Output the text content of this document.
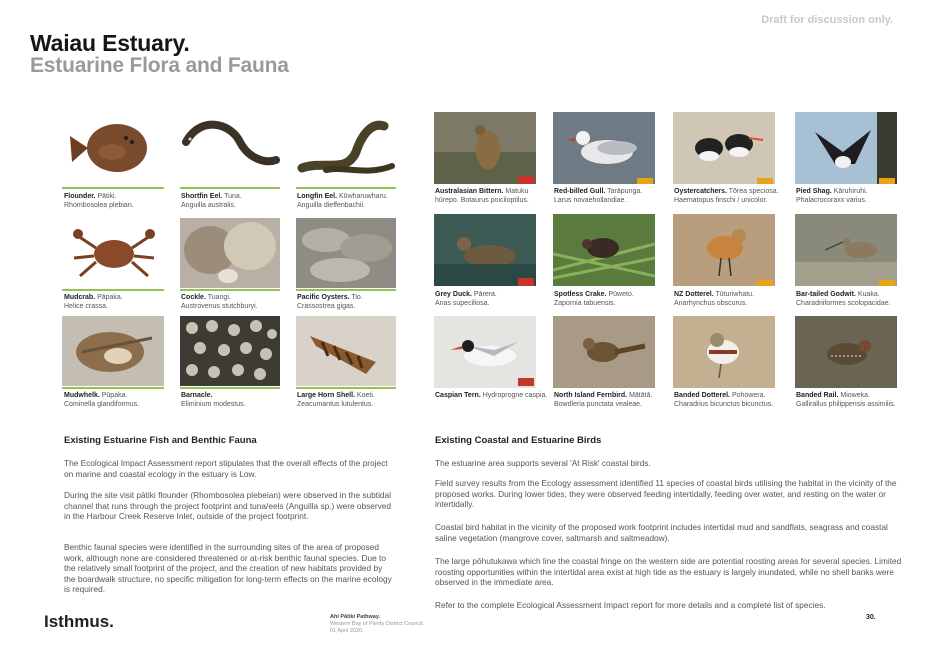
Draft for discussion only.
Waiau Estuary.
Estuarine Flora and Fauna
Flounder. Pātiki.
Rhombosolea plebian.
Shortfin Eel. Tuna.
Anguilla australis.
Longfin Eel. Kūwharuwharu.
Anguilla dieffenbachii.
Mudcrab. Pāpaka.
Helice crassa.
Cockle. Tuangi.
Austrovenus stutchburyi.
Pacific Oysters. Tio.
Crassostrea gigas.
Mudwhelk. Pūpaka.
Cominella glandiformus.
Barnacle.
Eliminium modestus.
Large Horn Shell. Koeti.
Zeacumantus lutulentus.
Australasian Bittern. Matuku hūrepo. Botaurus poiciloptilus.
Red-billed Gull. Tarāpunga.
Larus novaehollandiae.
Oystercatchers. Tōrea speciosa.
Haematopus finschi / unicolor.
Pied Shag. Kāruhiruhi.
Phalacrocoraxx varius.
Grey Duck. Pārera.
Anas supeciliosa.
Spotless Crake. Pūweto.
Zapornia tabuensis.
NZ Dotterel. Tūturiwhatu.
Anarhynchus obscurus.
Bar-tailed Godwit. Kuaka.
Charadriiformes scolopacidae.
Caspian Tern. Hydroprogne caspia. North Island Fernbird. Mātātā.
Bowdleria punctata vealeae.
Banded Dotterel. Pohowera.
Charadrius bicunctus bicunctus.
Banded Rail. Mioweka.
Gallirallus philippensis assimilis.
Existing Estuarine Fish and Benthic Fauna
The Ecological Impact Assessment report stipulates that the overall effects of the project on marine and coastal ecology in the estuary is Low.
During the site visit pātiki flounder (Rhombosolea plebeian) were observed in the subtidal channel that runs through the project footprint and tuna/eels (Anguilla sp.) were observed in the Harbour Creek Reserve Inlet, outside of the project footprint.
Benthic faunal species were identified in the surrounding sites of the area of proposed work, although none are considered threatened or at-risk benthic faunal species. Due to the relatively small footprint of the project, and the creation of new habitats provided by the boardwalk structure, no specific mitigation for long-term effects on the marine ecology is required.
Existing Coastal and Estuarine Birds
The estuarine area supports several 'At Risk' coastal birds.
Field survey results from the Ecology assessment identified 11 species of coastal birds utilising the habitat in the vicinity of the proposed works. During lower tides, they were observed feeding intertidally, feeding over water, and resting on the water or intertidally.
Coastal bird habitat in the vicinity of the proposed work footprint includes intertidal mud and sandflats, seagrass and coastal saline vegetation (mangrove cover, saltmarsh and saltmeadow).
The large pōhutukawa which line the coastal fringe on the western side are potential roosting areas for several species. Limited roosting opportunities within the intertidal area exist at high tide as the estuary is largely inundated, while no shell banks were observed in the immediate area.
Refer to the complete Ecological Assessment Impact report for more details and a complete list of species.
Isthmus.	Ahi Pātiki Pathway.
Western Bay of Plenty District Council.
01 April 2020.
30.
